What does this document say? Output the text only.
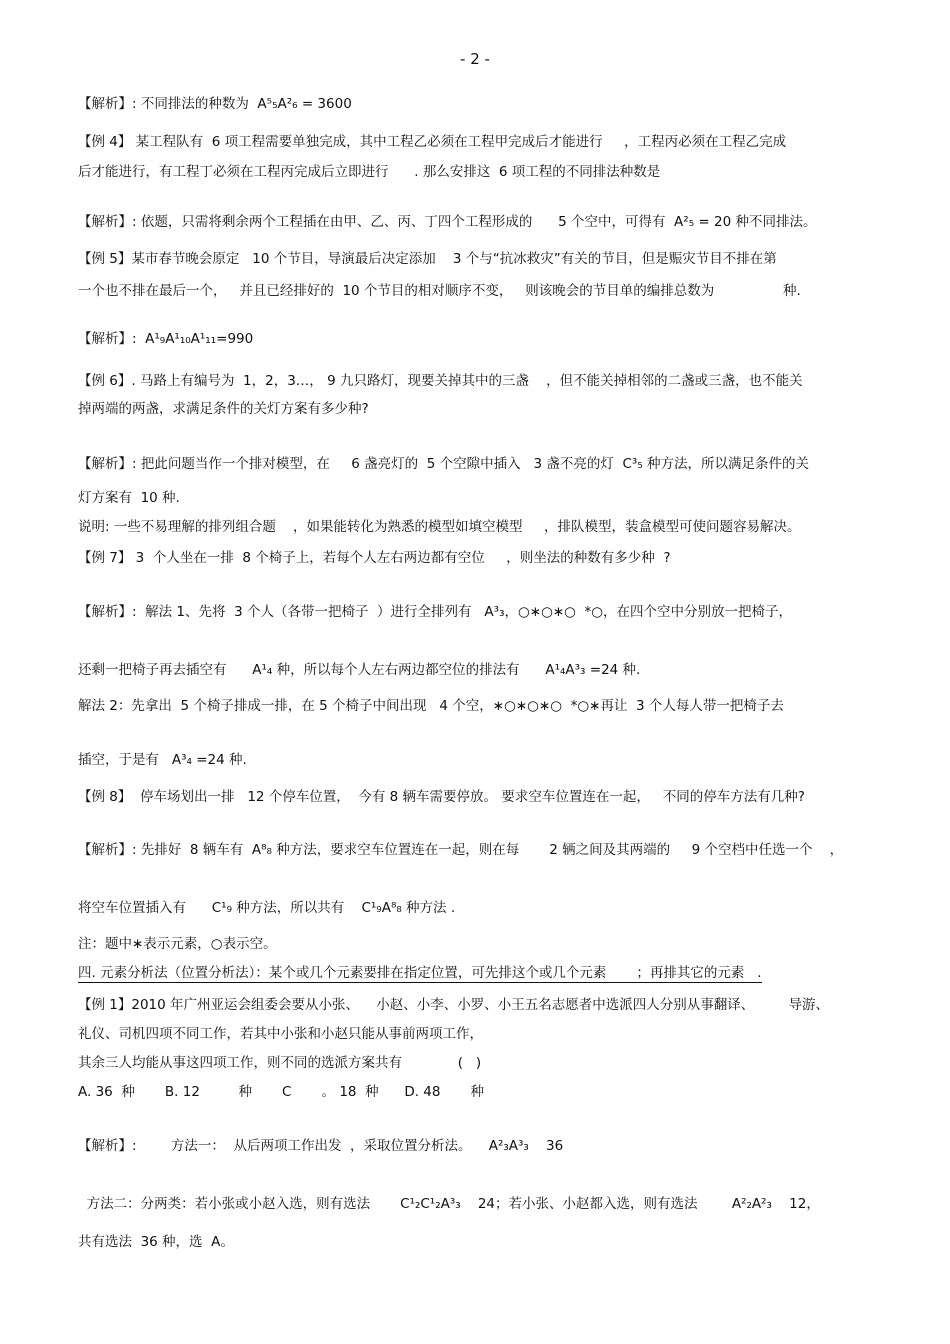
- 2 -
【解析】: 不同排法的种数为  A⁵₅A²₆ = 3600
【例 4】 某工程队有  6 项工程需要单独完成，其中工程乙必须在工程甲完成后才能进行     ，工程丙必须在工程乙完成
后才能进行，有工程丁必须在工程丙完成后立即进行      . 那么安排这  6 项工程的不同排法种数是
【解析】: 依题，只需将剩余两个工程插在由甲、乙、丙、丁四个工程形成的      5 个空中，可得有  A²₅ = 20 种不同排法。
【例 5】某市春节晚会原定   10 个节目，导演最后决定添加    3 个与“抗冰救灾”有关的节目，但是赈灾节目不排在第
一个也不排在最后一个，   并且已经排好的  10 个节目的相对顺序不变，   则该晚会的节目单的编排总数为                种.
【解析】:  A¹₉A¹₁₀A¹₁₁=990
【例 6】. 马路上有编号为  1，2，3…， 9 九只路灯，现要关掉其中的三盏    ，但不能关掉相邻的二盏或三盏，也不能关
掉两端的两盏，求满足条件的关灯方案有多少种?
【解析】: 把此问题当作一个排对模型，在     6 盏亮灯的  5 个空隙中插入   3 盏不亮的灯  C³₅ 种方法，所以满足条件的关
灯方案有  10 种.
说明: 一些不易理解的排列组合题    ，如果能转化为熟悉的模型如填空模型     ，排队模型，装盒模型可使问题容易解决。
【例 7】 3  个人坐在一排  8 个椅子上，若每个人左右两边都有空位     ，则坐法的种数有多少种  ?
【解析】:  解法 1、先将  3 个人（各带一把椅子  ）进行全排列有   A³₃，○∗○∗○  *○，在四个空中分别放一把椅子，
还剩一把椅子再去插空有      A¹₄ 种，所以每个人左右两边都空位的排法有      A¹₄A³₃ =24 种.
解法 2：先拿出  5 个椅子排成一排，在 5 个椅子中间出现   4 个空，∗○∗○∗○  *○∗再让  3 个人每人带一把椅子去
插空，于是有   A³₄ =24 种.
【例 8】  停车场划出一排   12 个停车位置，  今有 8 辆车需要停放。 要求空车位置连在一起，   不同的停车方法有几种?
【解析】: 先排好  8 辆车有  A⁸₈ 种方法，要求空车位置连在一起，则在每       2 辆之间及其两端的     9 个空档中任选一个    ，
将空车位置插入有      C¹₉ 种方法，所以共有    C¹₉A⁸₈ 种方法 .
注：题中∗表示元素，○表示空。
四. 元素分析法（位置分析法）：某个或几个元素要排在指定位置，可先排这个或几个元素       ；再排其它的元素   .
【例 1】2010 年广州亚运会组委会要从小张、    小赵、小李、小罗、小王五名志愿者中选派四人分别从事翻译、        导游、
礼仪、司机四项不同工作，若其中小张和小赵只能从事前两项工作，
其余三人均能从事这四项工作，则不同的选派方案共有             (   )
A. 36  种       B. 12         种       C       。 18  种      D. 48       种
【解析】:        方法一：  从后两项工作出发  ，采取位置分析法。    A²₃A³₃    36
方法二：分两类：若小张或小赵入选，则有选法       C¹₂C¹₂A³₃    24；若小张、小赵都入选，则有选法        A²₂A²₃    12，
共有选法  36 种，选  A。
